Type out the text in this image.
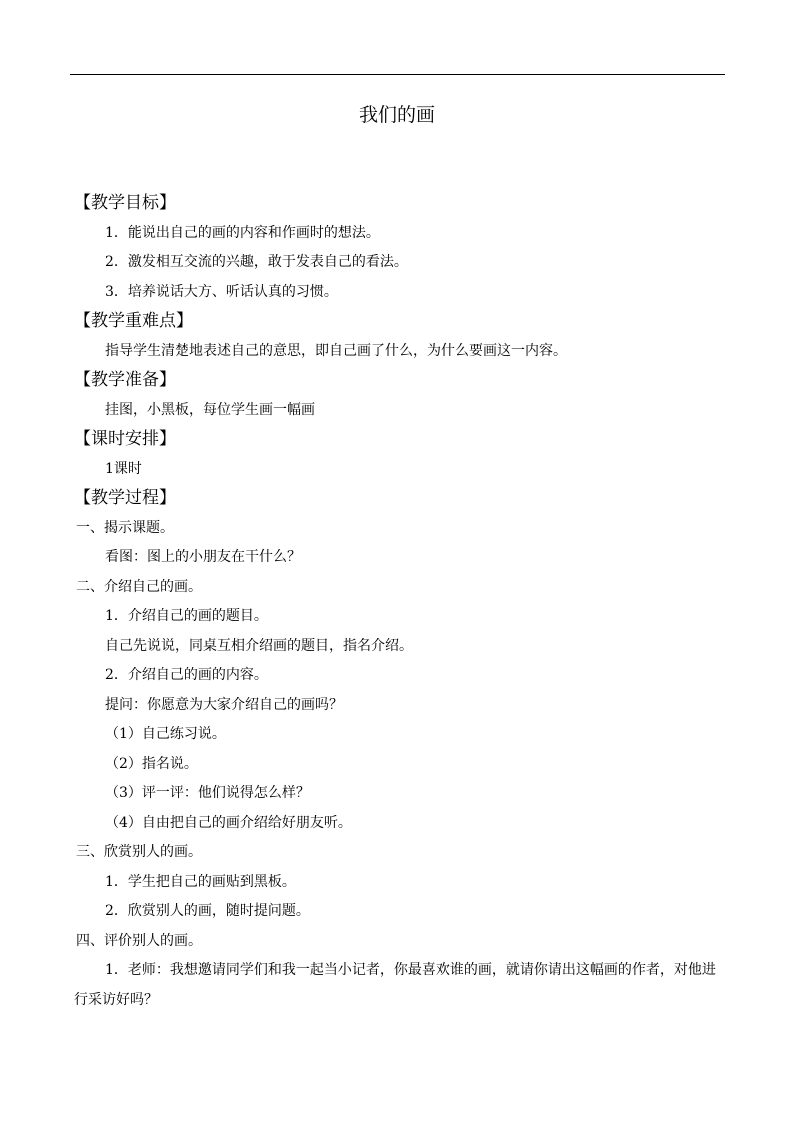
我们的画
【教学目标】
1．能说出自己的画的内容和作画时的想法。
2．激发相互交流的兴趣，敢于发表自己的看法。
3．培养说话大方、听话认真的习惯。
【教学重难点】
指导学生清楚地表述自己的意思，即自己画了什么，为什么要画这一内容。
【教学准备】
挂图，小黑板，每位学生画一幅画
【课时安排】
1课时
【教学过程】
一、揭示课题。
看图：图上的小朋友在干什么？
二、介绍自己的画。
1．介绍自己的画的题目。
自己先说说，同桌互相介绍画的题目，指名介绍。
2．介绍自己的画的内容。
提问：你愿意为大家介绍自己的画吗？
（1）自己练习说。
（2）指名说。
（3）评一评：他们说得怎么样？
（4）自由把自己的画介绍给好朋友听。
三、欣赏别人的画。
1．学生把自己的画贴到黑板。
2．欣赏别人的画，随时提问题。
四、评价别人的画。
1．老师：我想邀请同学们和我一起当小记者，你最喜欢谁的画，就请你请出这幅画的作者，对他进行采访好吗？
